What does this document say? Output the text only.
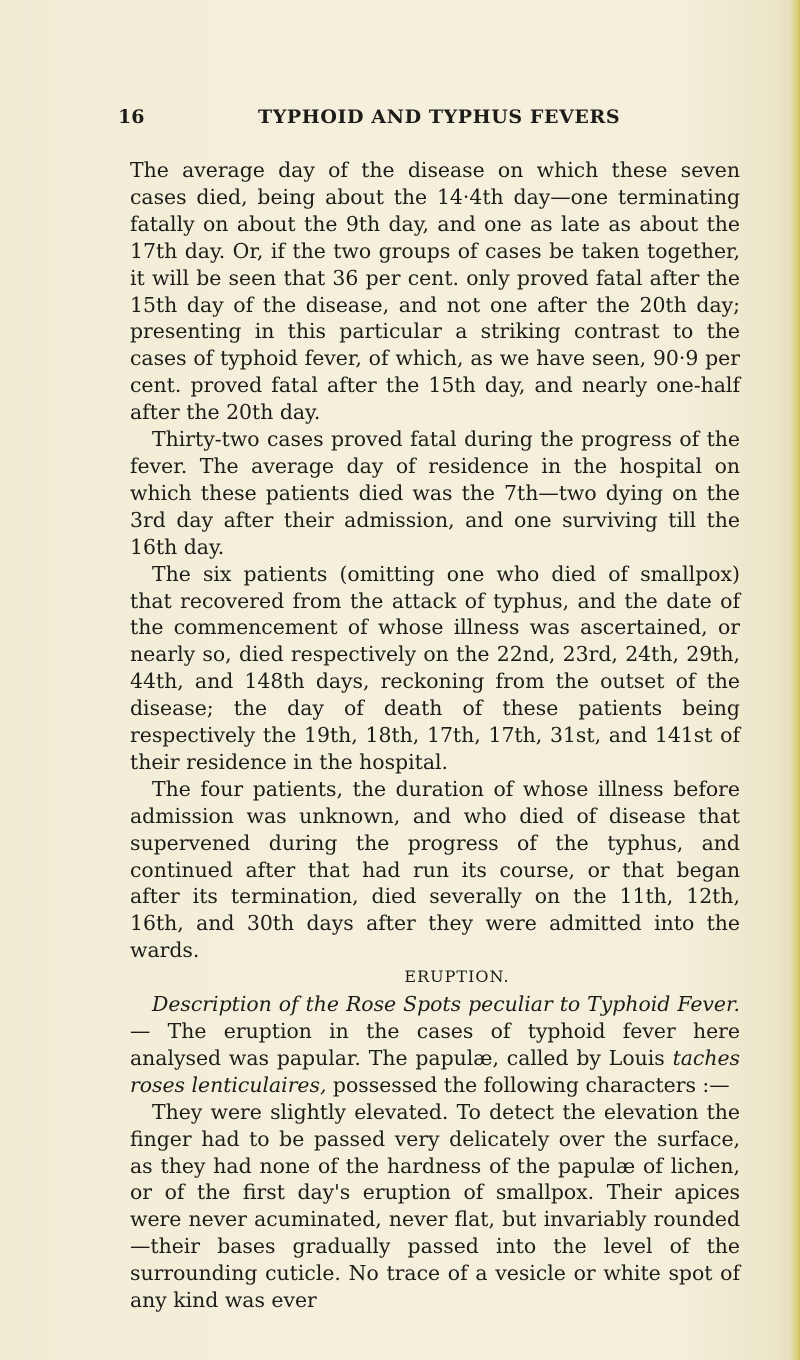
16	TYPHOID AND TYPHUS FEVERS

The average day of the disease on which these seven cases died, being about the 14·4th day—one terminating fatally on about the 9th day, and one as late as about the 17th day. Or, if the two groups of cases be taken together, it will be seen that 36 per cent. only proved fatal after the 15th day of the disease, and not one after the 20th day; presenting in this particular a striking contrast to the cases of typhoid fever, of which, as we have seen, 90·9 per cent. proved fatal after the 15th day, and nearly one-half after the 20th day.

Thirty-two cases proved fatal during the progress of the fever. The average day of residence in the hospital on which these patients died was the 7th—two dying on the 3rd day after their admission, and one surviving till the 16th day.

The six patients (omitting one who died of smallpox) that recovered from the attack of typhus, and the date of the commencement of whose illness was ascertained, or nearly so, died respectively on the 22nd, 23rd, 24th, 29th, 44th, and 148th days, reckoning from the outset of the disease; the day of death of these patients being respectively the 19th, 18th, 17th, 17th, 31st, and 141st of their residence in the hospital.

The four patients, the duration of whose illness before admission was unknown, and who died of disease that supervened during the progress of the typhus, and continued after that had run its course, or that began after its termination, died severally on the 11th, 12th, 16th, and 30th days after they were admitted into the wards.

ERUPTION.

Description of the Rose Spots peculiar to Typhoid Fever.— The eruption in the cases of typhoid fever here analysed was papular. The papulæ, called by Louis taches roses lenticulaires, possessed the following characters :—

They were slightly elevated. To detect the elevation the finger had to be passed very delicately over the surface, as they had none of the hardness of the papulæ of lichen, or of the first day's eruption of smallpox. Their apices were never acuminated, never flat, but invariably rounded—their bases gradually passed into the level of the surrounding cuticle. No trace of a vesicle or white spot of any kind was ever
